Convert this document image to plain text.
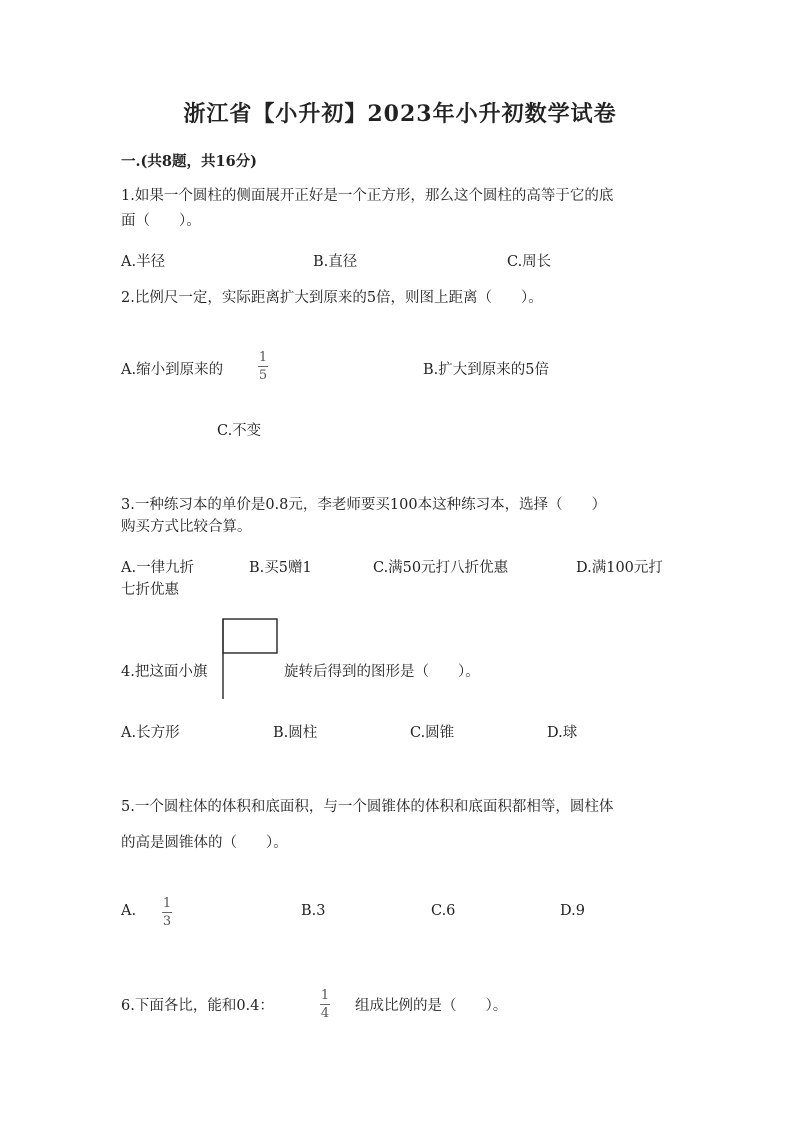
浙江省【小升初】2023年小升初数学试卷
一.(共8题，共16分)
1.如果一个圆柱的侧面展开正好是一个正方形，那么这个圆柱的高等于它的底
面（　　）。
A.半径	B.直径	C.周长
2.比例尺一定，实际距离扩大到原来的5倍，则图上距离（　　）。
A.缩小到原来的
1
5	B.扩大到原来的5倍
C.不变
3.一种练习本的单价是0.8元，李老师要买100本这种练习本，选择（　　）
购买方式比较合算。
A.一律九折	B.买5赠1	C.满50元打八折优惠	D.满100元打
七折优惠
4.把这面小旗	旋转后得到的图形是（　　）。
A.长方形	B.圆柱	C.圆锥	D.球
5.一个圆柱体的体积和底面积，与一个圆锥体的体积和底面积都相等，圆柱体
的高是圆锥体的（　　）。
A. 1
3
B.3	C.6	D.9
6.下面各比，能和0.4：
1
4 组成比例的是（　　）。
